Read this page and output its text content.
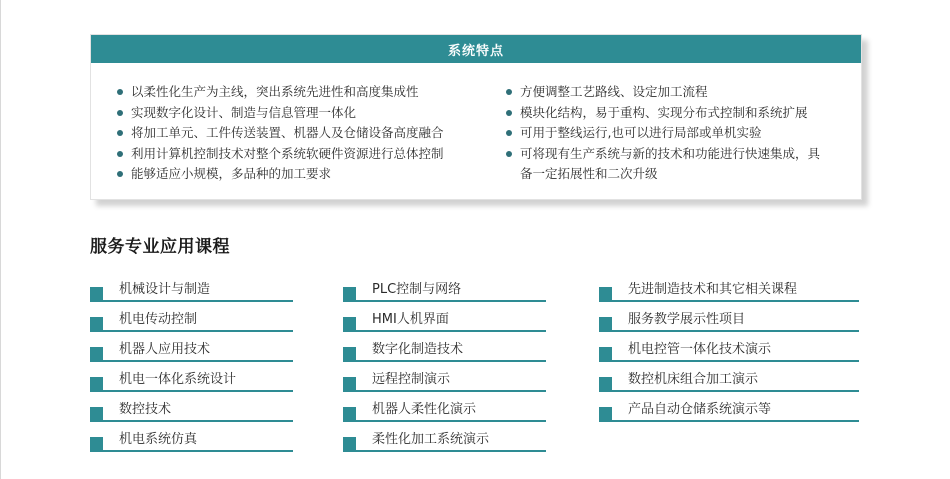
系统特点
以柔性化生产为主线，突出系统先进性和高度集成性
实现数字化设计、制造与信息管理一体化
将加工单元、工件传送装置、机器人及仓储设备高度融合
利用计算机控制技术对整个系统软硬件资源进行总体控制
能够适应小规模，多品种的加工要求
方便调整工艺路线、设定加工流程
模块化结构，易于重构、实现分布式控制和系统扩展
可用于整线运行,也可以进行局部或单机实验
可将现有生产系统与新的技术和功能进行快速集成，具备一定拓展性和二次升级
服务专业应用课程
机械设计与制造
机电传动控制
机器人应用技术
机电一体化系统设计
数控技术
机电系统仿真
PLC控制与网络
HMI人机界面
数字化制造技术
远程控制演示
机器人柔性化演示
柔性化加工系统演示
先进制造技术和其它相关课程
服务教学展示性项目
机电控管一体化技术演示
数控机床组合加工演示
产品自动仓储系统演示等
